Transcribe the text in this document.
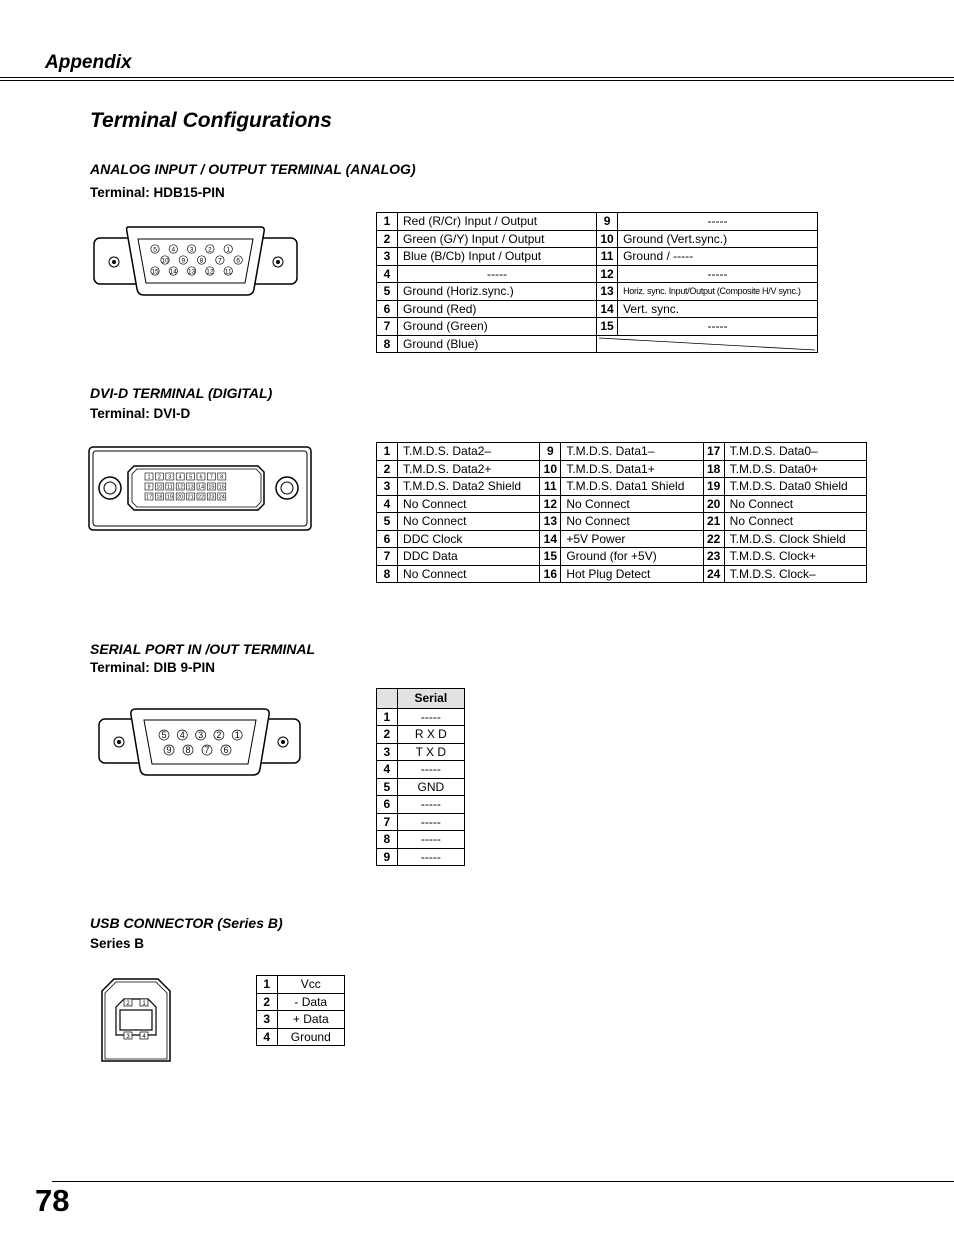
Appendix
Terminal Configurations
ANALOG INPUT / OUTPUT TERMINAL (ANALOG)
Terminal: HDB15-PIN
5 4 3 2 1
10 9 8 7 6
15 14 13 12 11
1	Red (R/Cr) Input / Output	9	-----
2	Green (G/Y) Input / Output	10	Ground (Vert.sync.)
3	Blue (B/Cb) Input / Output	11	Ground / -----
4	-----	12	-----
5	Ground (Horiz.sync.)	13	Horiz. sync. Input/Output (Composite H/V sync.)
6	Ground (Red)	14	Vert. sync.
7	Ground (Green)	15	-----
8	Ground (Blue)	
DVI-D TERMINAL (DIGITAL)
Terminal: DVI-D
1 2 3 4 5 6 7 8
9 10 11 12 13 14 15 16
17 18 19 20 21 22 23 24
1	T.M.D.S. Data2–	9	T.M.D.S. Data1–	17	T.M.D.S. Data0–
2	T.M.D.S. Data2+	10	T.M.D.S. Data1+	18	T.M.D.S. Data0+
3	T.M.D.S. Data2 Shield	11	T.M.D.S. Data1 Shield	19	T.M.D.S. Data0 Shield
4	No Connect	12	No Connect	20	No Connect
5	No Connect	13	No Connect	21	No Connect
6	DDC Clock	14	+5V Power	22	T.M.D.S. Clock Shield
7	DDC Data	15	Ground (for +5V)	23	T.M.D.S. Clock+
8	No Connect	16	Hot Plug Detect	24	T.M.D.S. Clock–
SERIAL PORT IN /OUT TERMINAL
Terminal: DIB 9-PIN
5 4 3 2 1
9 8 7 6
	Serial
1	-----
2	R X D
3	T X D
4	-----
5	GND
6	-----
7	-----
8	-----
9	-----
USB CONNECTOR (Series B)
Series B
2 1
3 4
1	Vcc
2	- Data
3	+ Data
4	Ground
78
